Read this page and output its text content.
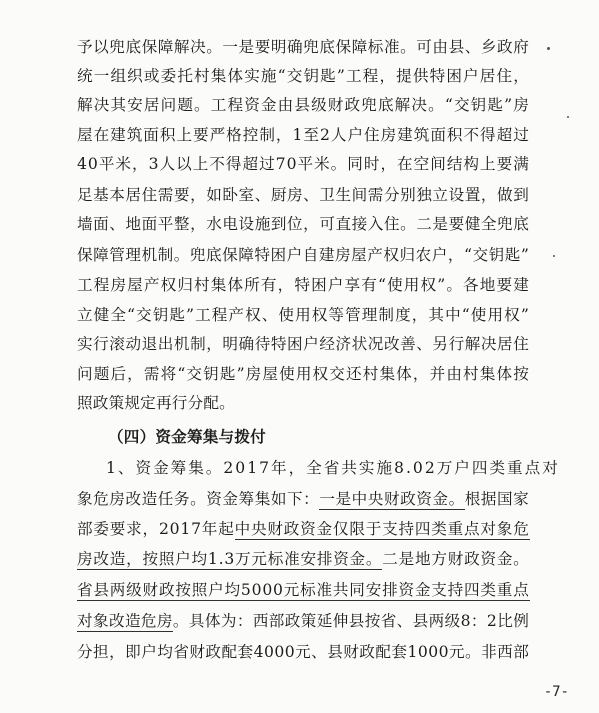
予以兜底保障解决。一是要明确兜底保障标准。可由县、乡政府
统一组织或委托村集体实施“交钥匙”工程，提供特困户居住，
解决其安居问题。工程资金由县级财政兜底解决。“交钥匙”房
屋在建筑面积上要严格控制，1至2人户住房建筑面积不得超过
40平米，3人以上不得超过70平米。同时，在空间结构上要满
足基本居住需要，如卧室、厨房、卫生间需分别独立设置，做到
墙面、地面平整，水电设施到位，可直接入住。二是要健全兜底
保障管理机制。兜底保障特困户自建房屋产权归农户，“交钥匙”
工程房屋产权归村集体所有，特困户享有“使用权”。各地要建
立健全“交钥匙”工程产权、使用权等管理制度，其中“使用权”
实行滚动退出机制，明确待特困户经济状况改善、另行解决居住
问题后，需将“交钥匙”房屋使用权交还村集体，并由村集体按
照政策规定再行分配。
（四）资金筹集与拨付
1、资金筹集。2017年，全省共实施8.02万户四类重点对
象危房改造任务。资金筹集如下：一是中央财政资金。根据国家
部委要求，2017年起中央财政资金仅限于支持四类重点对象危
房改造，按照户均1.3万元标准安排资金。二是地方财政资金。
省县两级财政按照户均5000元标准共同安排资金支持四类重点
对象改造危房。具体为：西部政策延伸县按省、县两级8：2比例
分担，即户均省财政配套4000元、县财政配套1000元。非西部
-7-
